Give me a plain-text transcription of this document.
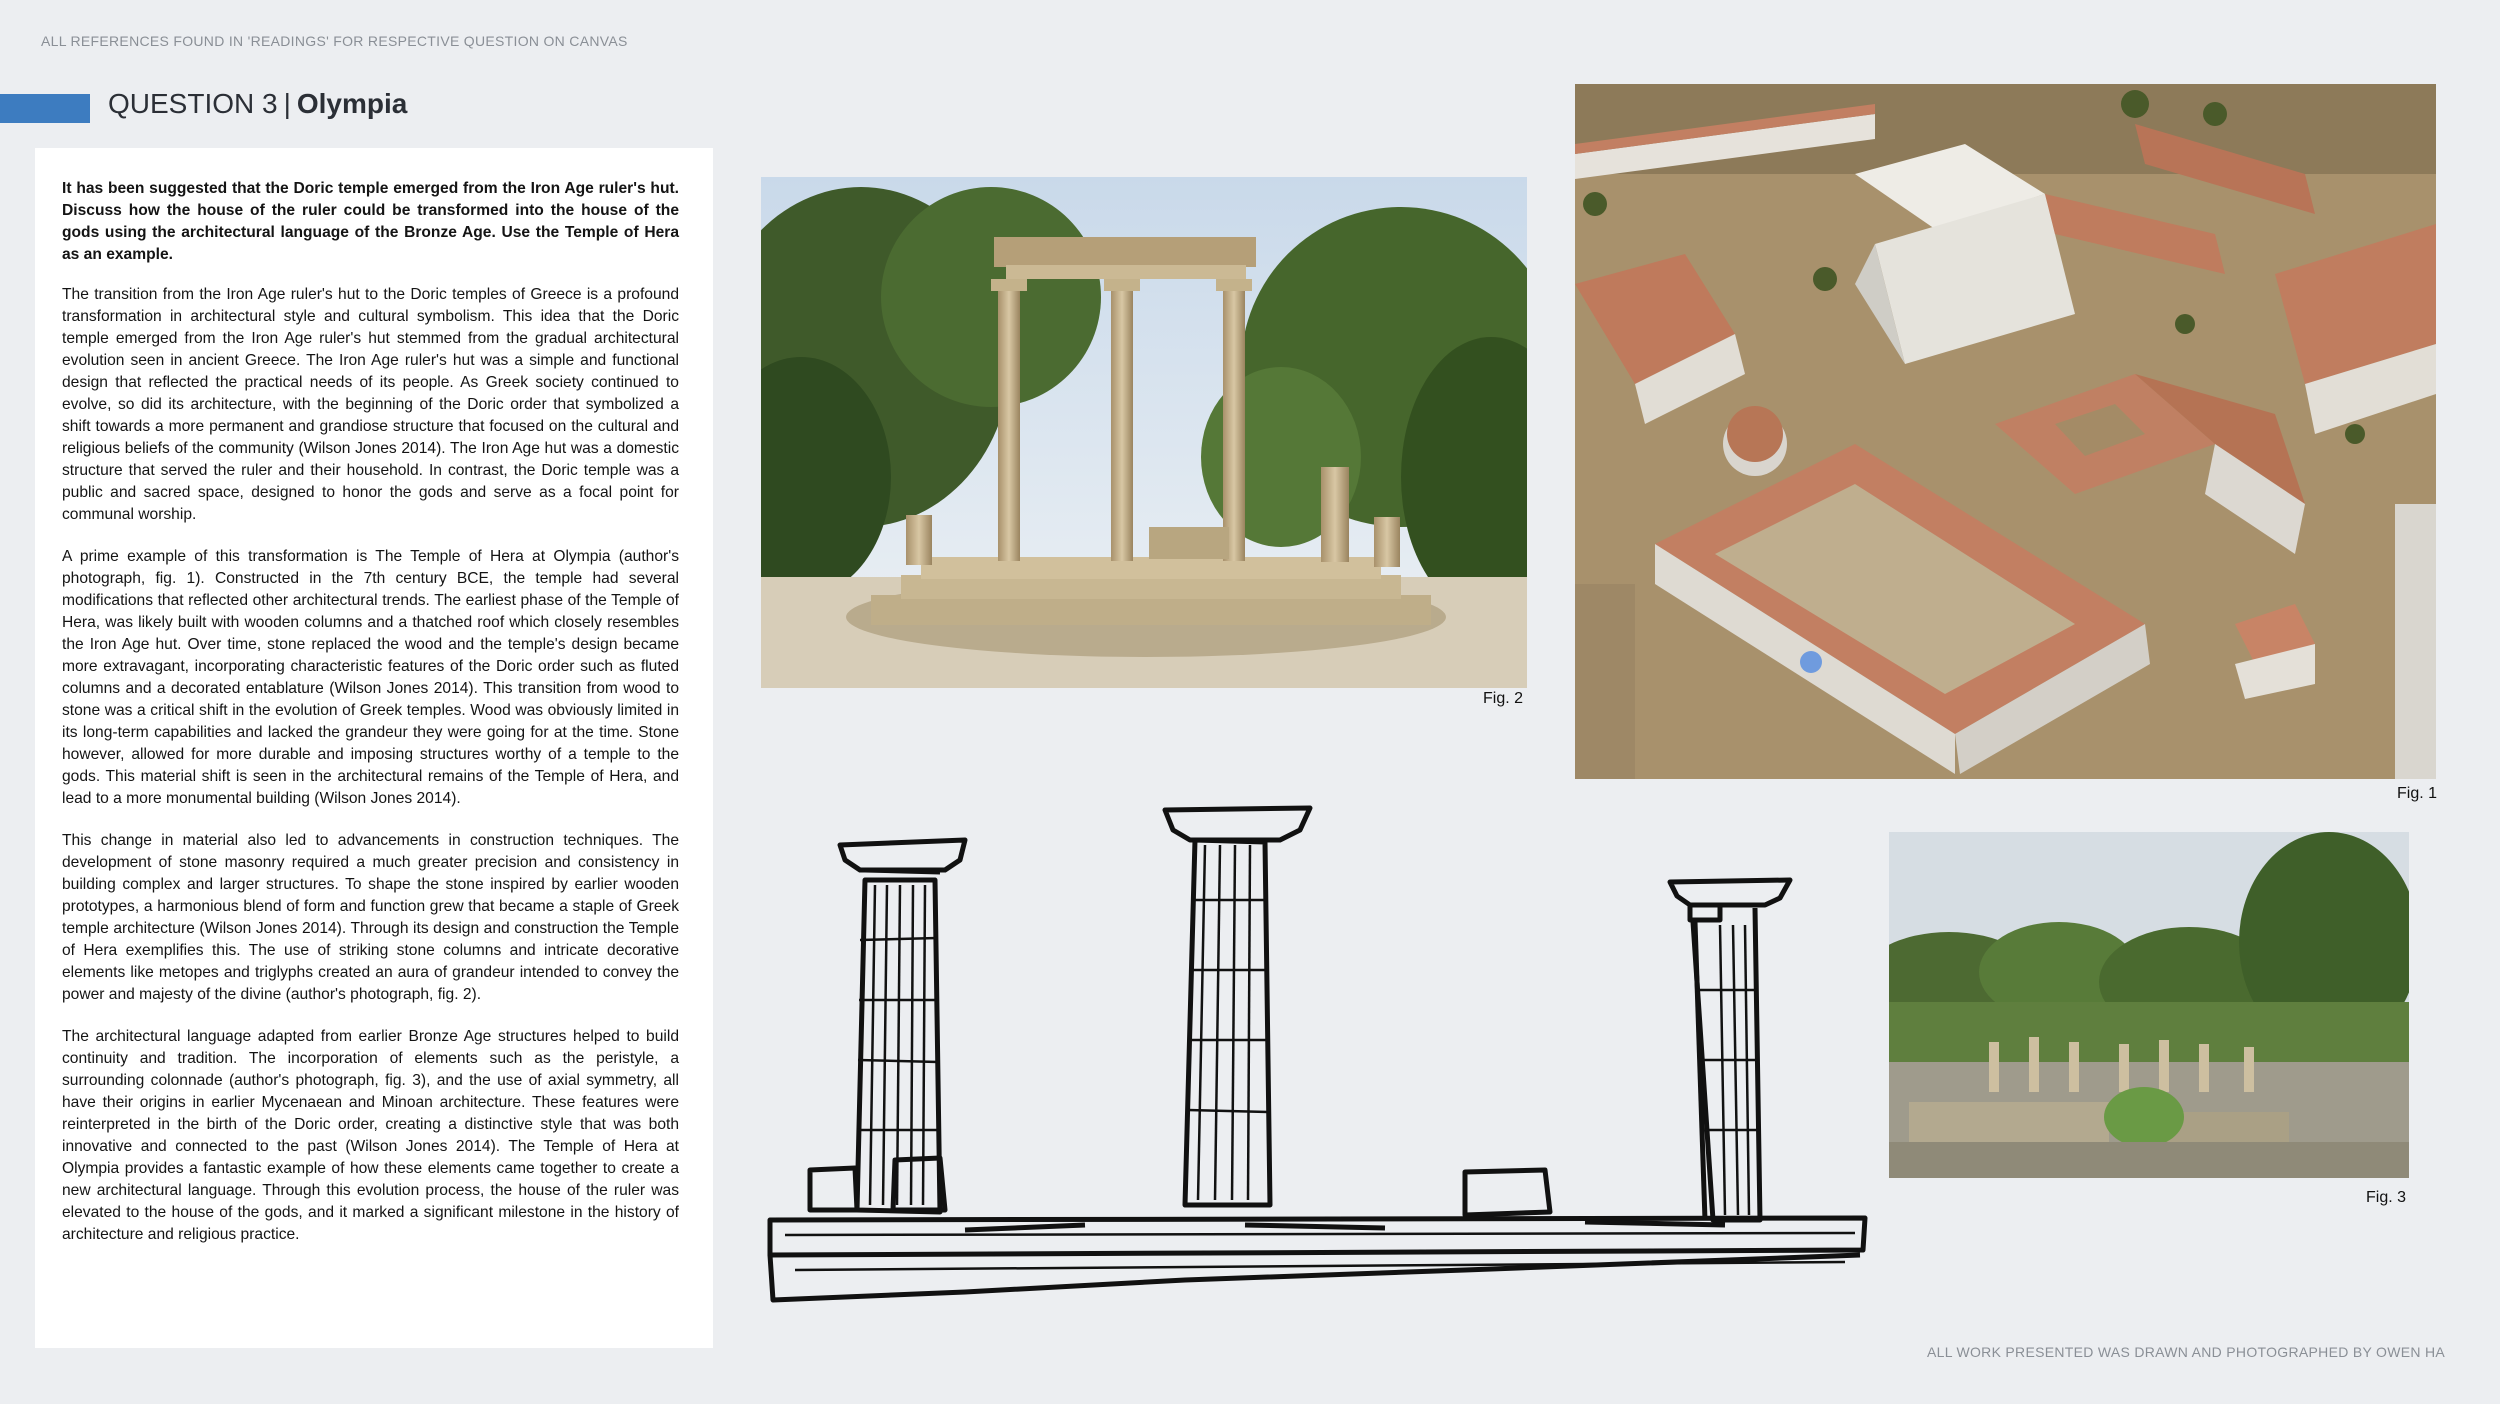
ALL REFERENCES FOUND IN 'READINGS' FOR RESPECTIVE QUESTION ON CANVAS
QUESTION 3 | Olympia

It has been suggested that the Doric temple emerged from the Iron Age ruler's hut. Discuss how the house of the ruler could be transformed into the house of the gods using the architectural language of the Bronze Age. Use the Temple of Hera as an example.

The transition from the Iron Age ruler's hut to the Doric temples of Greece is a profound transformation in architectural style and cultural symbolism. This idea that the Doric temple emerged from the Iron Age ruler's hut stemmed from the gradual architectural evolution seen in ancient Greece. The Iron Age ruler's hut was a simple and functional design that reflected the practical needs of its people. As Greek society continued to evolve, so did its architecture, with the beginning of the Doric order that symbolized a shift towards a more permanent and grandiose structure that focused on the cultural and religious beliefs of the community (Wilson Jones 2014). The Iron Age hut was a domestic structure that served the ruler and their household. In contrast, the Doric temple was a public and sacred space, designed to honor the gods and serve as a focal point for communal worship.

A prime example of this transformation is The Temple of Hera at Olympia (author's photograph, fig. 1). Constructed in the 7th century BCE, the temple had several modifications that reflected other architectural trends. The earliest phase of the Temple of Hera, was likely built with wooden columns and a thatched roof which closely resembles the Iron Age hut. Over time, stone replaced the wood and the temple's design became more extravagant, incorporating characteristic features of the Doric order such as fluted columns and a decorated entablature (Wilson Jones 2014). This transition from wood to stone was a critical shift in the evolution of Greek temples. Wood was obviously limited in its long-term capabilities and lacked the grandeur they were going for at the time. Stone however, allowed for more durable and imposing structures worthy of a temple to the gods. This material shift is seen in the architectural remains of the Temple of Hera, and lead to a more monumental building (Wilson Jones 2014).

This change in material also led to advancements in construction techniques. The development of stone masonry required a much greater precision and consistency in building complex and larger structures. To shape the stone inspired by earlier wooden prototypes, a harmonious blend of form and function grew that became a staple of Greek temple architecture (Wilson Jones 2014). Through its design and construction the Temple of Hera exemplifies this. The use of striking stone columns and intricate decorative elements like metopes and triglyphs created an aura of grandeur intended to convey the power and majesty of the divine (author's photograph, fig. 2).

The architectural language adapted from earlier Bronze Age structures helped to build continuity and tradition. The incorporation of elements such as the peristyle, a surrounding colonnade (author's photograph, fig. 3), and the use of axial symmetry, all have their origins in earlier Mycenaean and Minoan architecture. These features were reinterpreted in the birth of the Doric order, creating a distinctive style that was both innovative and connected to the past (Wilson Jones 2014). The Temple of Hera at Olympia provides a fantastic example of how these elements came together to create a new architectural language. Through this evolution process, the house of the ruler was elevated to the house of the gods, and it marked a significant milestone in the history of architecture and religious practice.

Fig. 2
Fig. 1
Fig. 3
ALL WORK PRESENTED WAS DRAWN AND PHOTOGRAPHED BY OWEN HA
